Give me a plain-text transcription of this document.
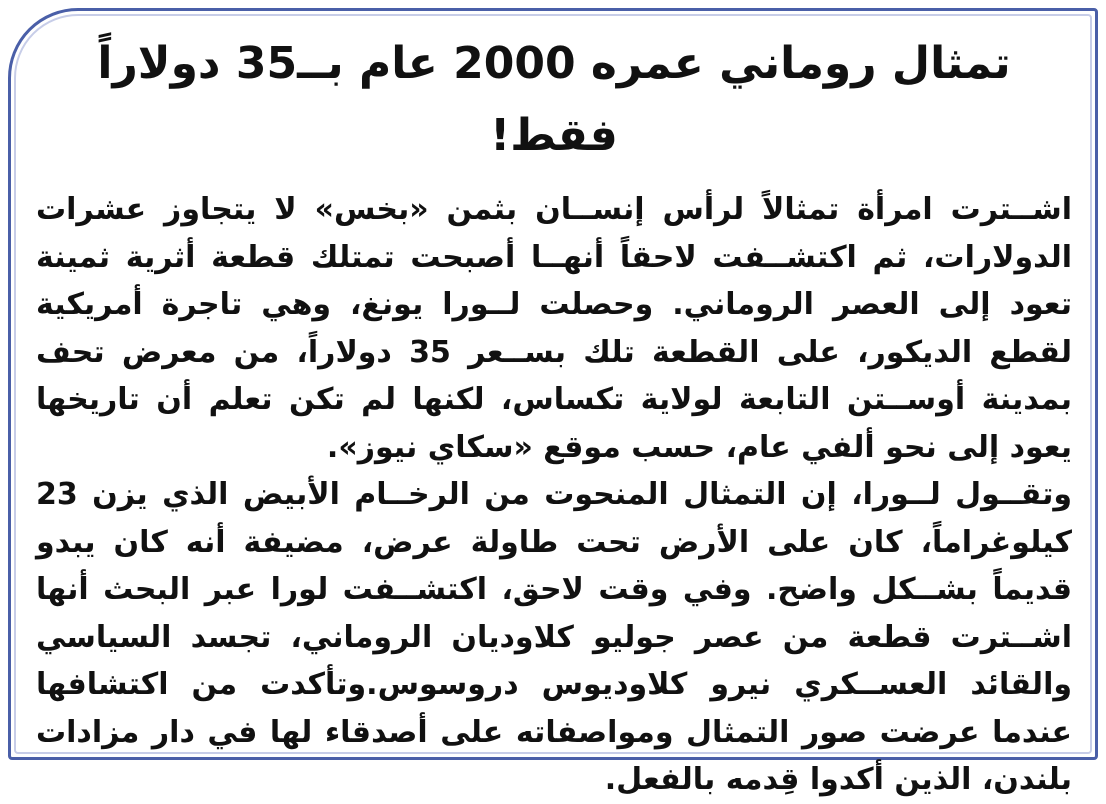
تمثال روماني عمره 2000 عام بــ35 دولاراً فقط!

اشــترت امرأة تمثالاً لرأس إنســان بثمن «بخس» لا يتجاوز عشرات الدولارات، ثم اكتشــفت لاحقاً أنهــا أصبحت تمتلك قطعة أثرية ثمينة تعود إلى العصر الروماني. وحصلت لــورا يونغ، وهي تاجرة أمريكية لقطع الديكور، على القطعة تلك بســعر 35 دولاراً، من معرض تحف بمدينة أوســتن التابعة لولاية تكساس، لكنها لم تكن تعلم أن تاريخها يعود إلى نحو ألفي عام، حسب موقع «سكاي نيوز».

وتقــول لــورا، إن التمثال المنحوت من الرخــام الأبيض الذي يزن 23 كيلوغراماً، كان على الأرض تحت طاولة عرض، مضيفة أنه كان يبدو قديماً بشــكل واضح. وفي وقت لاحق، اكتشــفت لورا عبر البحث أنها اشــترت قطعة من عصر جوليو كلاوديان الروماني، تجسد السياسي والقائد العســكري نيرو كلاوديوس دروسوس.وتأكدت من اكتشافها عندما عرضت صور التمثال ومواصفاته على أصدقاء لها في دار مزادات بلندن، الذين أكدوا قِدمه بالفعل.
